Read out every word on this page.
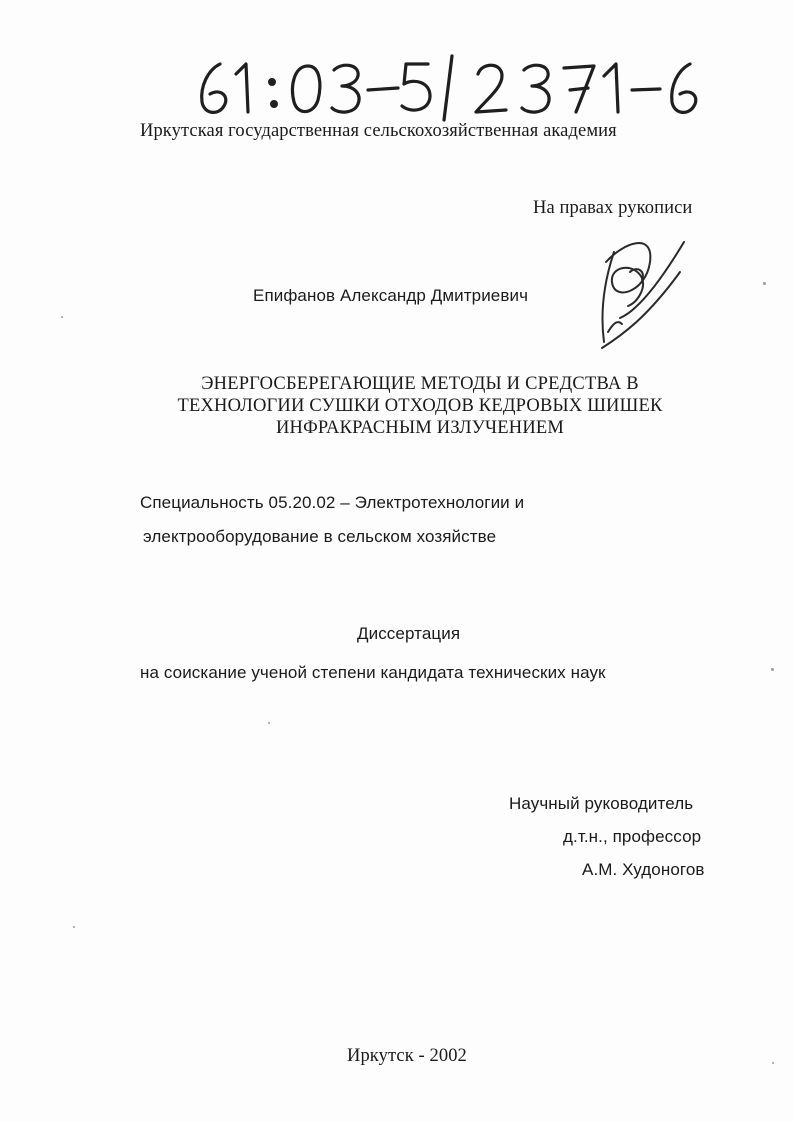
Иркутская государственная сельскохозяйственная академия
На правах рукописи
Епифанов Александр Дмитриевич
ЭНЕРГОСБЕРЕГАЮЩИЕ МЕТОДЫ И СРЕДСТВА В
ТЕХНОЛОГИИ СУШКИ ОТХОДОВ КЕДРОВЫХ ШИШЕК
ИНФРАКРАСНЫМ ИЗЛУЧЕНИЕМ
Специальность 05.20.02 – Электротехнологии и
электрооборудование в сельском хозяйстве
Диссертация
на соискание ученой степени кандидата технических наук
Научный руководитель
д.т.н., профессор
А.М. Худоногов
Иркутск - 2002
